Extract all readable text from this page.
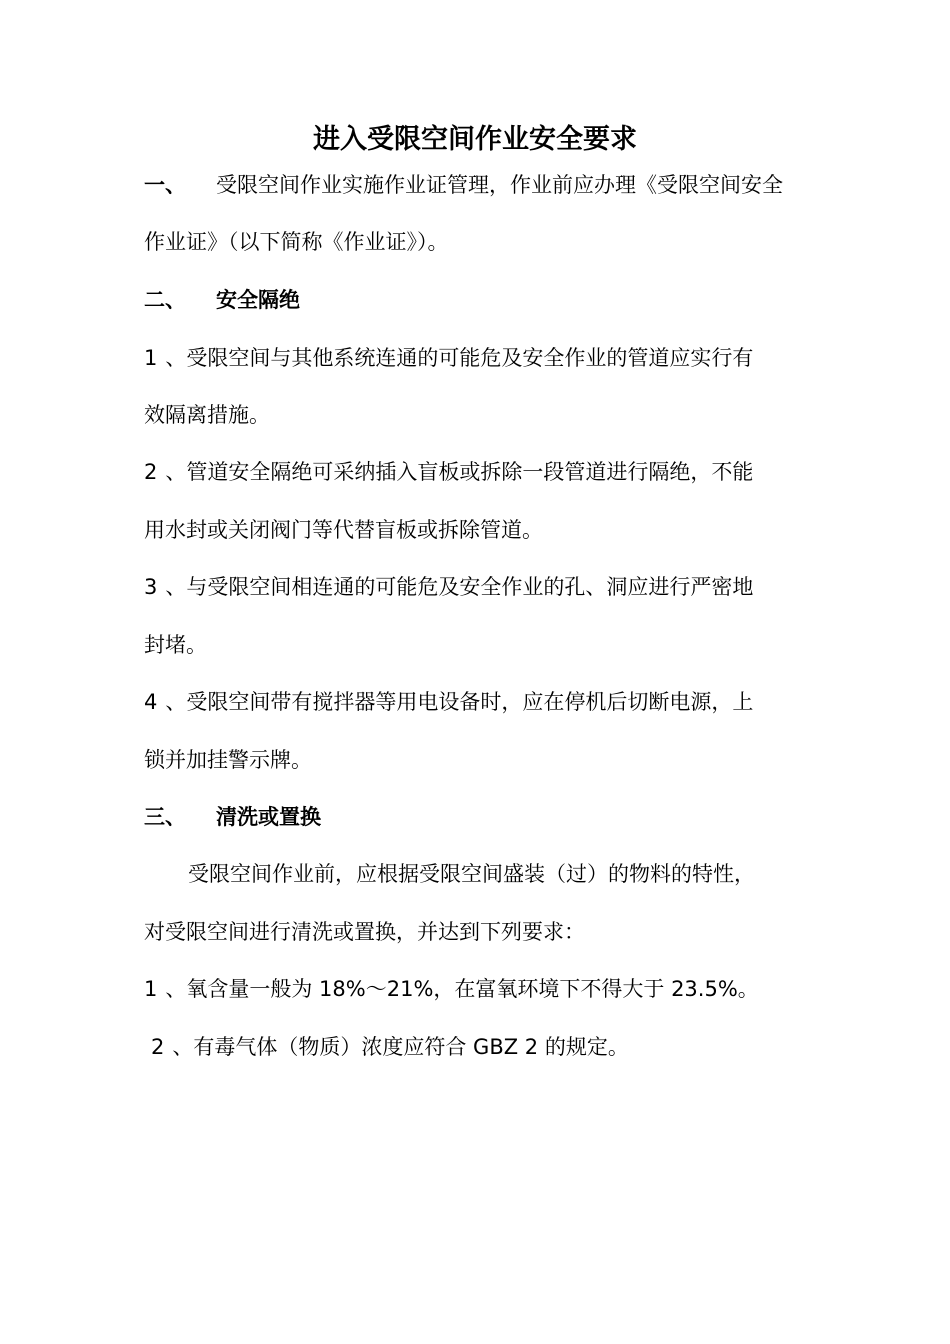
进入受限空间作业安全要求
一、 受限空间作业实施作业证管理，作业前应办理《受限空间安全
作业证》（以下简称《作业证》）。
二、 安全隔绝
1 、受限空间与其他系统连通的可能危及安全作业的管道应实行有
效隔离措施。
2 、管道安全隔绝可采纳插入盲板或拆除一段管道进行隔绝，不能
用水封或关闭阀门等代替盲板或拆除管道。
3 、与受限空间相连通的可能危及安全作业的孔、洞应进行严密地
封堵。
4 、受限空间带有搅拌器等用电设备时，应在停机后切断电源，上
锁并加挂警示牌。
三、 清洗或置换
受限空间作业前，应根据受限空间盛装（过）的物料的特性，
对受限空间进行清洗或置换，并达到下列要求：
1 、氧含量一般为 18%～21%，在富氧环境下不得大于 23.5%。
2 、有毒气体（物质）浓度应符合 GBZ 2 的规定。
